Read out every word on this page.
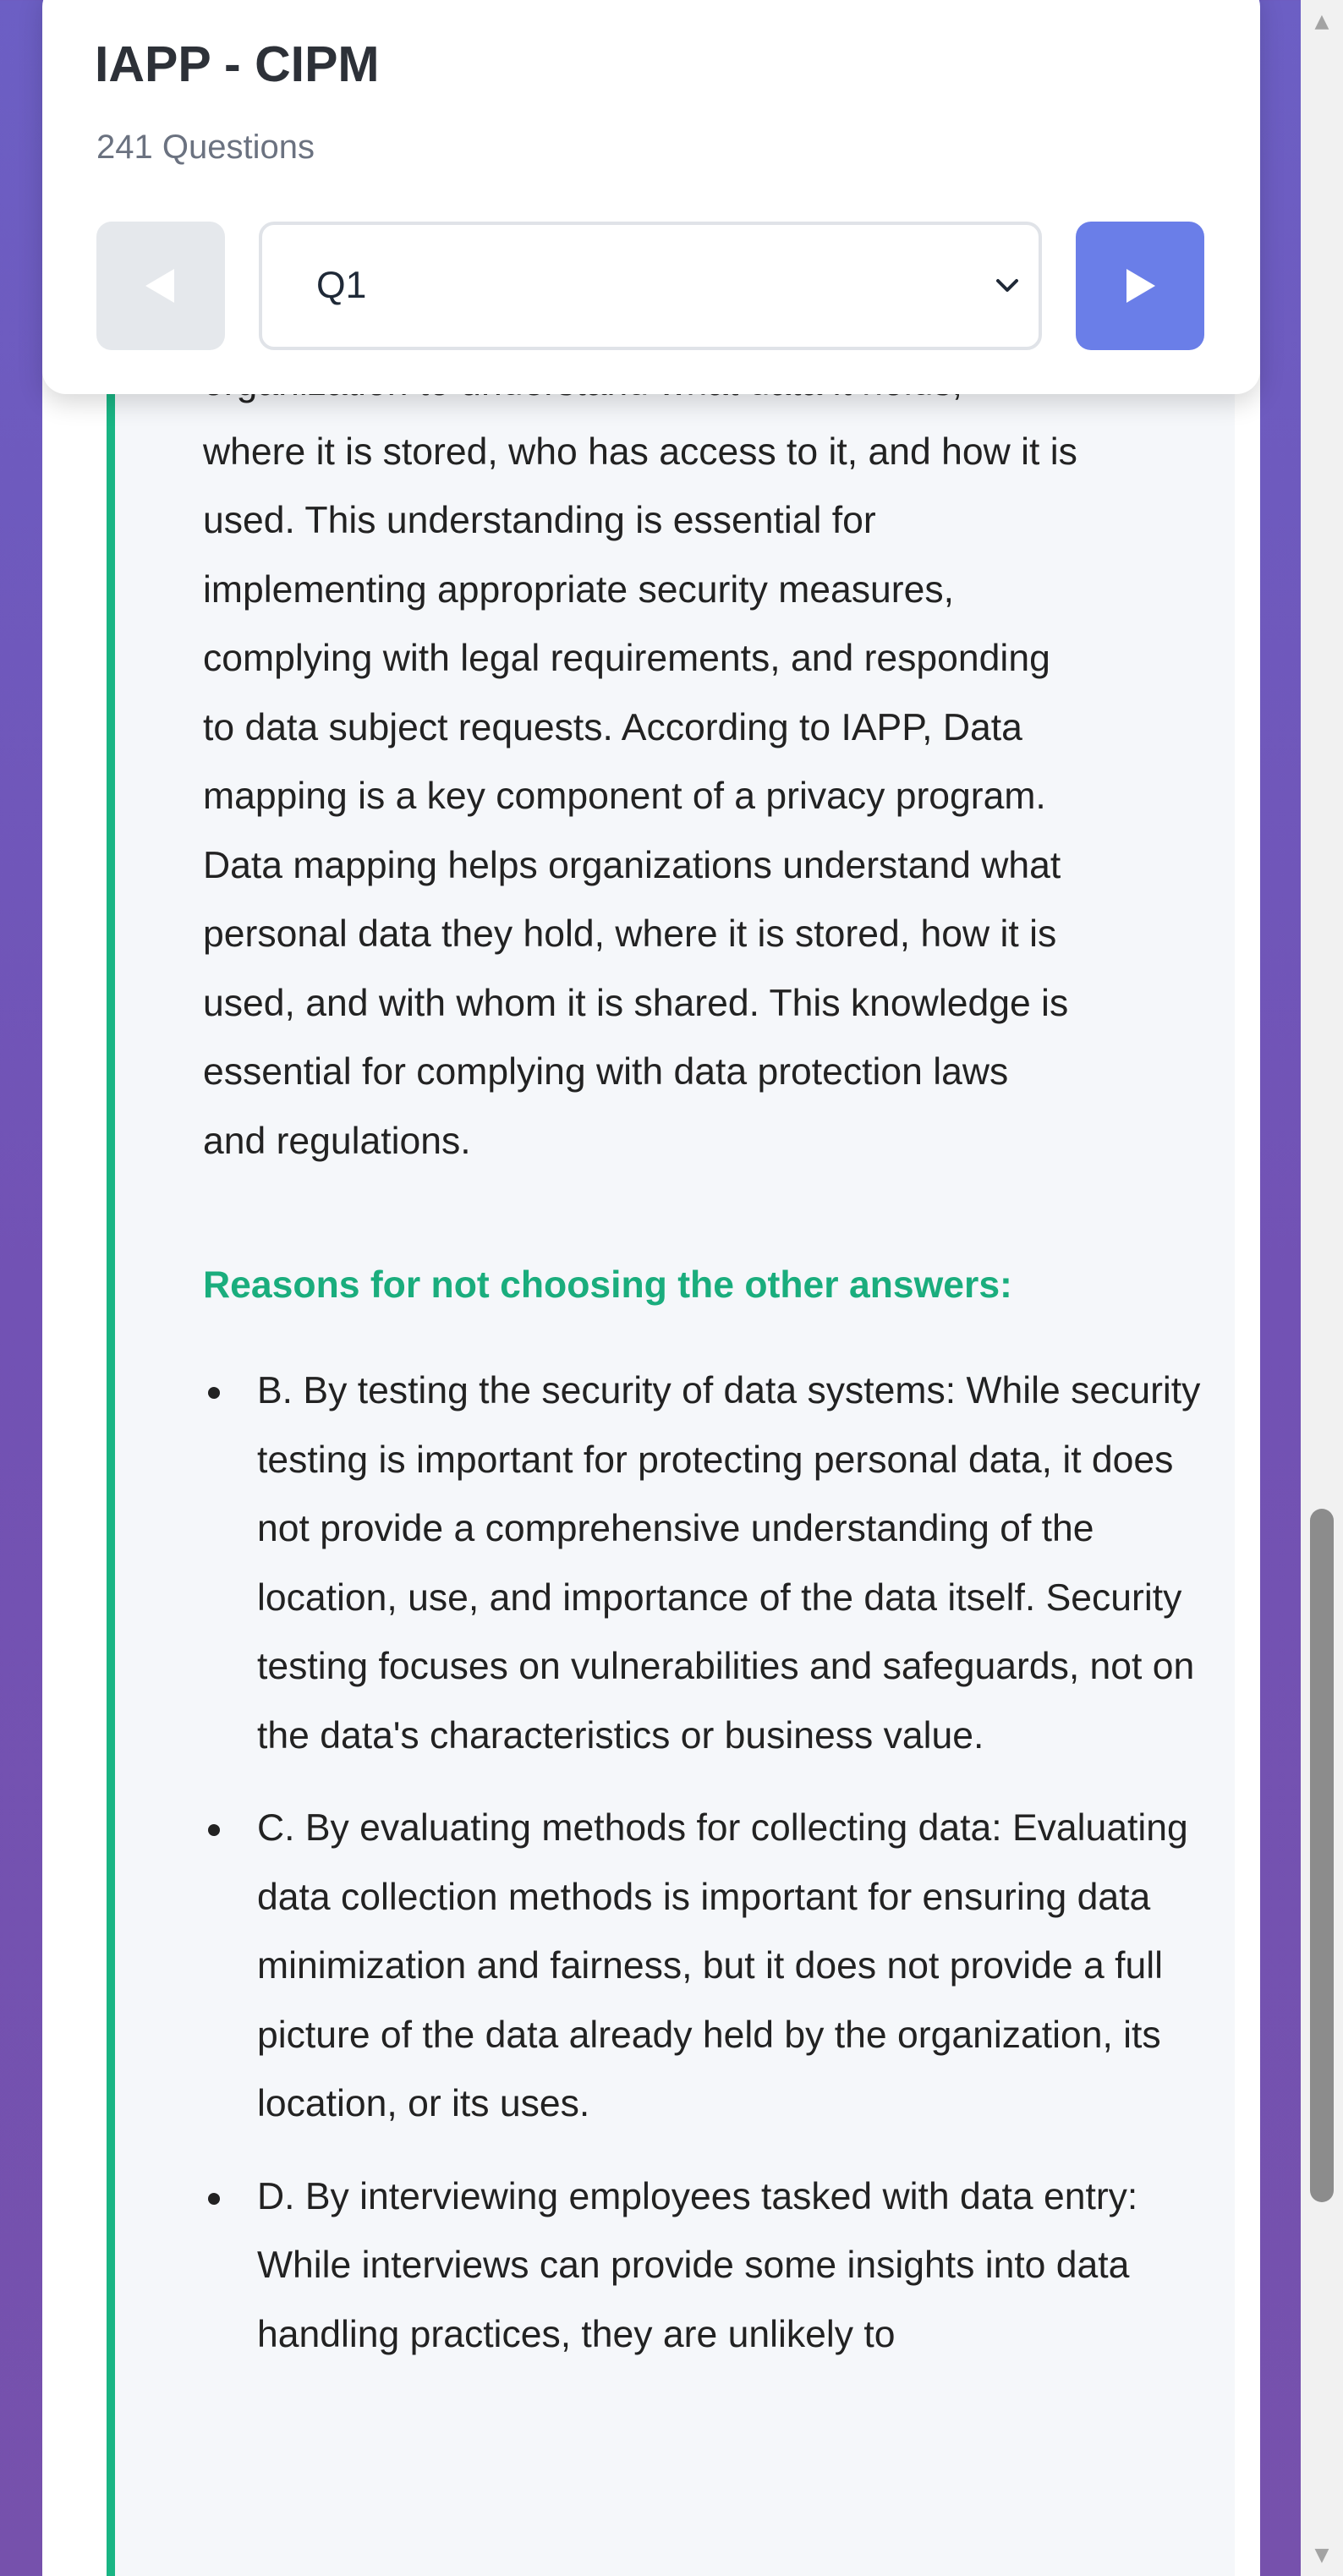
where it is stored, who has access to it, and how it is
used. This understanding is essential for
implementing appropriate security measures,
complying with legal requirements, and responding
to data subject requests. According to IAPP, Data
mapping is a key component of a privacy program.
Data mapping helps organizations understand what
personal data they hold, where it is stored, how it is
used, and with whom it is shared. This knowledge is
essential for complying with data protection laws
and regulations.
Reasons for not choosing the other answers:
B. By testing the security of data systems: While security testing is important for protecting personal data, it does not provide a comprehensive understanding of the location, use, and importance of the data itself. Security testing focuses on vulnerabilities and safeguards, not on the data's characteristics or business value.
C. By evaluating methods for collecting data: Evaluating data collection methods is important for ensuring data minimization and fairness, but it does not provide a full picture of the data already held by the organization, its location, or its uses.
D. By interviewing employees tasked with data entry: While interviews can provide some insights into data handling practices, they are unlikely to
IAPP - CIPM
241 Questions
Q1
▲
▼
